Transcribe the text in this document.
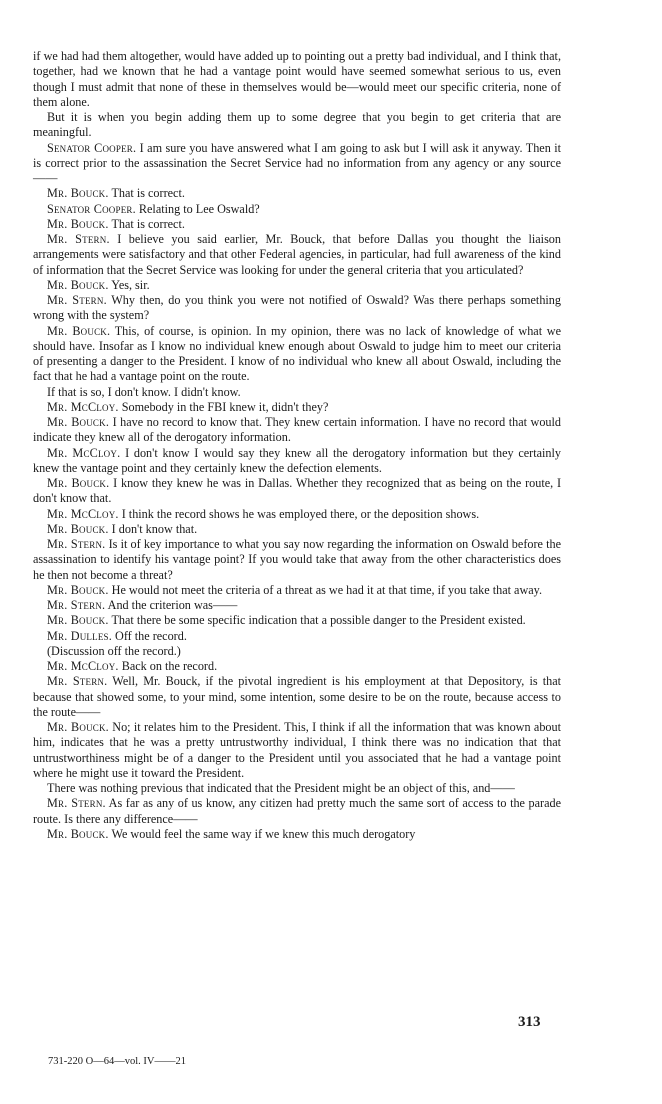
if we had had them altogether, would have added up to pointing out a pretty bad individual, and I think that, together, had we known that he had a vantage point would have seemed somewhat serious to us, even though I must admit that none of these in themselves would be—would meet our specific criteria, none of them alone.

But it is when you begin adding them up to some degree that you begin to get criteria that are meaningful.

Senator Cooper. I am sure you have answered what I am going to ask but I will ask it anyway. Then it is correct prior to the assassination the Secret Service had no information from any agency or any source——

Mr. Bouck. That is correct.

Senator Cooper. Relating to Lee Oswald?

Mr. Bouck. That is correct.

Mr. Stern. I believe you said earlier, Mr. Bouck, that before Dallas you thought the liaison arrangements were satisfactory and that other Federal agencies, in particular, had full awareness of the kind of information that the Secret Service was looking for under the general criteria that you articulated?

Mr. Bouck. Yes, sir.

Mr. Stern. Why then, do you think you were not notified of Oswald? Was there perhaps something wrong with the system?

Mr. Bouck. This, of course, is opinion. In my opinion, there was no lack of knowledge of what we should have. Insofar as I know no individual knew enough about Oswald to judge him to meet our criteria of presenting a danger to the President. I know of no individual who knew all about Oswald, including the fact that he had a vantage point on the route.

If that is so, I don't know. I didn't know.

Mr. McCloy. Somebody in the FBI knew it, didn't they?

Mr. Bouck. I have no record to know that. They knew certain information. I have no record that would indicate they knew all of the derogatory information.

Mr. McCloy. I don't know I would say they knew all the derogatory information but they certainly knew the vantage point and they certainly knew the defection elements.

Mr. Bouck. I know they knew he was in Dallas. Whether they recognized that as being on the route, I don't know that.

Mr. McCloy. I think the record shows he was employed there, or the deposition shows.

Mr. Bouck. I don't know that.

Mr. Stern. Is it of key importance to what you say now regarding the information on Oswald before the assassination to identify his vantage point? If you would take that away from the other characteristics does he then not become a threat?

Mr. Bouck. He would not meet the criteria of a threat as we had it at that time, if you take that away.

Mr. Stern. And the criterion was——

Mr. Bouck. That there be some specific indication that a possible danger to the President existed.

Mr. Dulles. Off the record.

(Discussion off the record.)

Mr. McCloy. Back on the record.

Mr. Stern. Well, Mr. Bouck, if the pivotal ingredient is his employment at that Depository, is that because that showed some, to your mind, some intention, some desire to be on the route, because access to the route——

Mr. Bouck. No; it relates him to the President. This, I think if all the information that was known about him, indicates that he was a pretty untrustworthy individual, I think there was no indication that that untrustworthiness might be of a danger to the President until you associated that he had a vantage point where he might use it toward the President.

There was nothing previous that indicated that the President might be an object of this, and——

Mr. Stern. As far as any of us know, any citizen had pretty much the same sort of access to the parade route. Is there any difference——

Mr. Bouck. We would feel the same way if we knew this much derogatory

313
731-220 O—64—vol. IV——21
